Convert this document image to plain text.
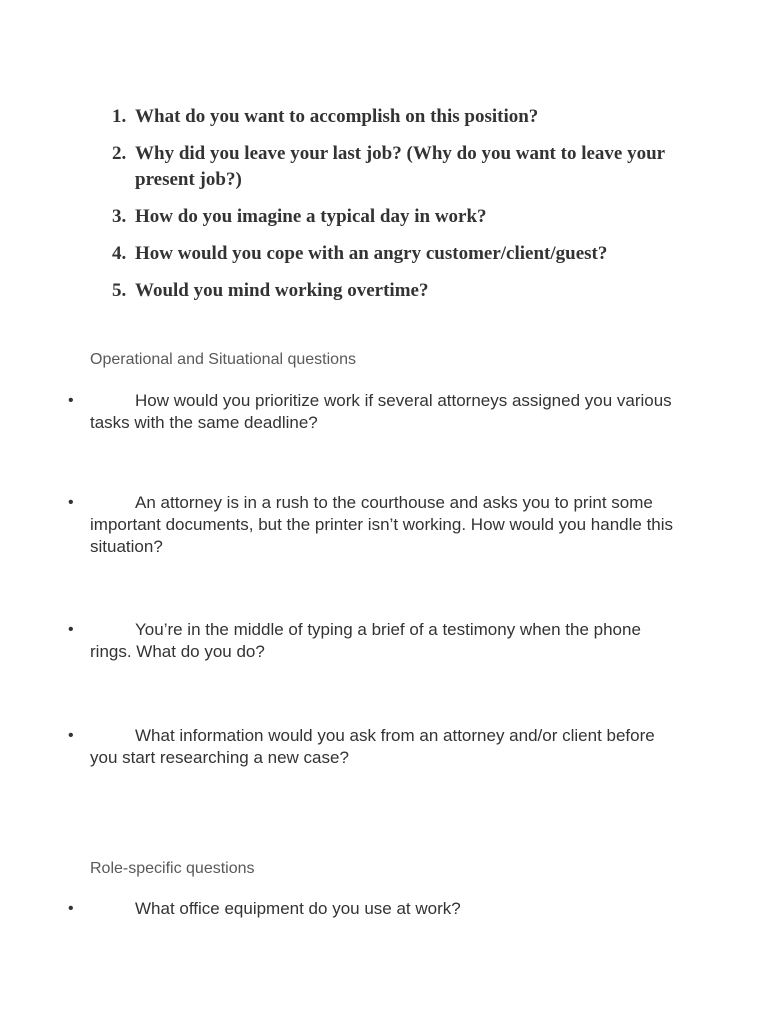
1. What do you want to accomplish on this position?
2. Why did you leave your last job? (Why do you want to leave your present job?)
3. How do you imagine a typical day in work?
4. How would you cope with an angry customer/client/guest?
5. Would you mind working overtime?
Operational and Situational questions
•	How would you prioritize work if several attorneys assigned you various tasks with the same deadline?
•	An attorney is in a rush to the courthouse and asks you to print some important documents, but the printer isn’t working. How would you handle this situation?
•	You’re in the middle of typing a brief of a testimony when the phone rings. What do you do?
•	What information would you ask from an attorney and/or client before you start researching a new case?
Role-specific questions
•	What office equipment do you use at work?
